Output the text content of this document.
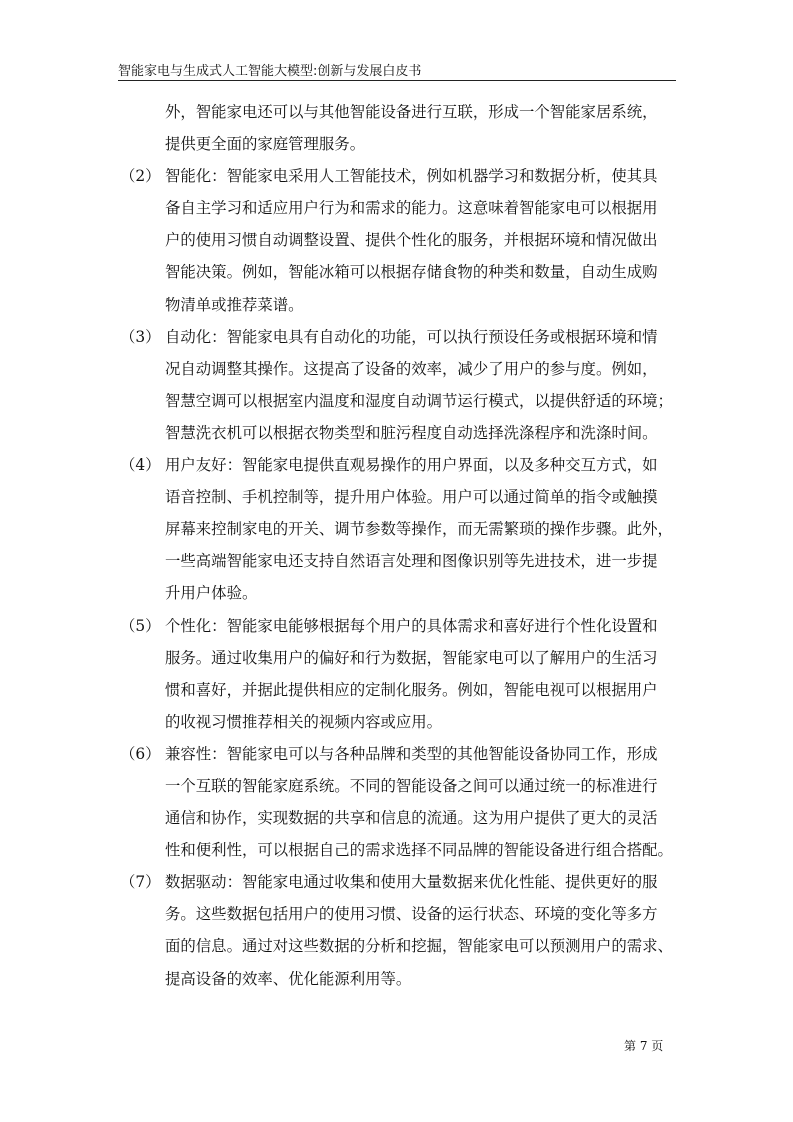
智能家电与生成式人工智能大模型:创新与发展白皮书
外，智能家电还可以与其他智能设备进行互联，形成一个智能家居系统，
提供更全面的家庭管理服务。
（2） 智能化：智能家电采用人工智能技术，例如机器学习和数据分析，使其具
备自主学习和适应用户行为和需求的能力。这意味着智能家电可以根据用
户的使用习惯自动调整设置、提供个性化的服务，并根据环境和情况做出
智能决策。例如，智能冰箱可以根据存储食物的种类和数量，自动生成购
物清单或推荐菜谱。
（3） 自动化：智能家电具有自动化的功能，可以执行预设任务或根据环境和情
况自动调整其操作。这提高了设备的效率，减少了用户的参与度。例如，
智慧空调可以根据室内温度和湿度自动调节运行模式，以提供舒适的环境；
智慧洗衣机可以根据衣物类型和脏污程度自动选择洗涤程序和洗涤时间。
（4） 用户友好：智能家电提供直观易操作的用户界面，以及多种交互方式，如
语音控制、手机控制等，提升用户体验。用户可以通过简单的指令或触摸
屏幕来控制家电的开关、调节参数等操作，而无需繁琐的操作步骤。此外，
一些高端智能家电还支持自然语言处理和图像识别等先进技术，进一步提
升用户体验。
（5） 个性化：智能家电能够根据每个用户的具体需求和喜好进行个性化设置和
服务。通过收集用户的偏好和行为数据，智能家电可以了解用户的生活习
惯和喜好，并据此提供相应的定制化服务。例如，智能电视可以根据用户
的收视习惯推荐相关的视频内容或应用。
（6） 兼容性：智能家电可以与各种品牌和类型的其他智能设备协同工作，形成
一个互联的智能家庭系统。不同的智能设备之间可以通过统一的标准进行
通信和协作，实现数据的共享和信息的流通。这为用户提供了更大的灵活
性和便利性，可以根据自己的需求选择不同品牌的智能设备进行组合搭配。
（7） 数据驱动：智能家电通过收集和使用大量数据来优化性能、提供更好的服
务。这些数据包括用户的使用习惯、设备的运行状态、环境的变化等多方
面的信息。通过对这些数据的分析和挖掘，智能家电可以预测用户的需求、
提高设备的效率、优化能源利用等。
第 7 页
